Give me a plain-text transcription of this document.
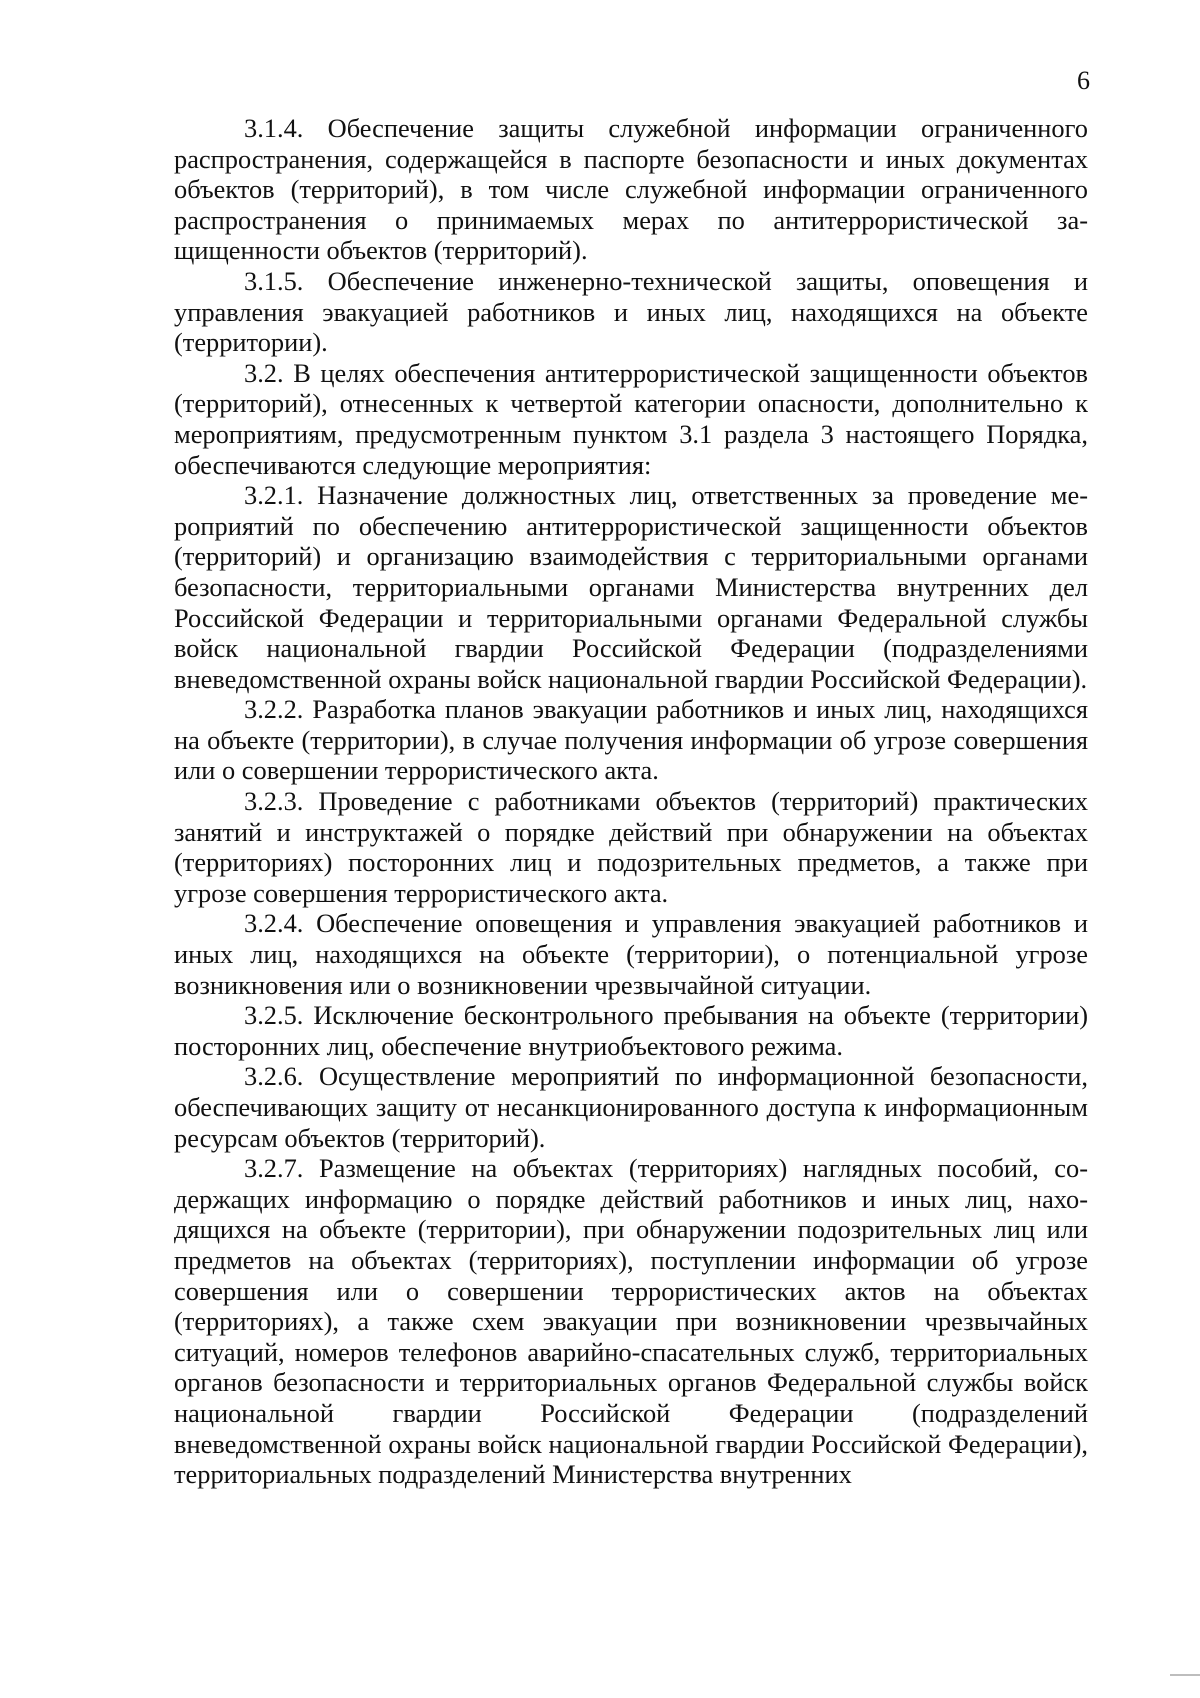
6

3.1.4. Обеспечение защиты служебной информации ограниченного распространения, содержащейся в паспорте безопасности и иных документах объектов (территорий), в том числе служебной информации ограниченного распространения о принимаемых мерах по антитеррористической защищенности объектов (территорий).

3.1.5. Обеспечение инженерно-технической защиты, оповещения и управления эвакуацией работников и иных лиц, находящихся на объекте (территории).

3.2. В целях обеспечения антитеррористической защищенности объектов (территорий), отнесенных к четвертой категории опасности, дополнительно к мероприятиям, предусмотренным пунктом 3.1 раздела 3 настоящего Порядка, обеспечиваются следующие мероприятия:

3.2.1. Назначение должностных лиц, ответственных за проведение мероприятий по обеспечению антитеррористической защищенности объектов (территорий) и организацию взаимодействия с территориальными органами безопасности, территориальными органами Министерства внутренних дел Российской Федерации и территориальными органами Федеральной службы войск национальной гвардии Российской Федерации (подразделениями вневедомственной охраны войск национальной гвардии Российской Федерации).

3.2.2. Разработка планов эвакуации работников и иных лиц, находящихся на объекте (территории), в случае получения информации об угрозе совершения или о совершении террористического акта.

3.2.3. Проведение с работниками объектов (территорий) практических занятий и инструктажей о порядке действий при обнаружении на объектах (территориях) посторонних лиц и подозрительных предметов, а также при угрозе совершения террористического акта.

3.2.4. Обеспечение оповещения и управления эвакуацией работников и иных лиц, находящихся на объекте (территории), о потенциальной угрозе возникновения или о возникновении чрезвычайной ситуации.

3.2.5. Исключение бесконтрольного пребывания на объекте (территории) посторонних лиц, обеспечение внутриобъектового режима.

3.2.6. Осуществление мероприятий по информационной безопасности, обеспечивающих защиту от несанкционированного доступа к информационным ресурсам объектов (территорий).

3.2.7. Размещение на объектах (территориях) наглядных пособий, содержащих информацию о порядке действий работников и иных лиц, находящихся на объекте (территории), при обнаружении подозрительных лиц или предметов на объектах (территориях), поступлении информации об угрозе совершения или о совершении террористических актов на объектах (территориях), а также схем эвакуации при возникновении чрезвычайных ситуаций, номеров телефонов аварийно-спасательных служб, территориальных органов безопасности и территориальных органов Федеральной службы войск национальной гвардии Российской Федерации (подразделений вневедомственной охраны войск национальной гвардии Российской Федерации), территориальных подразделений Министерства внутренних
